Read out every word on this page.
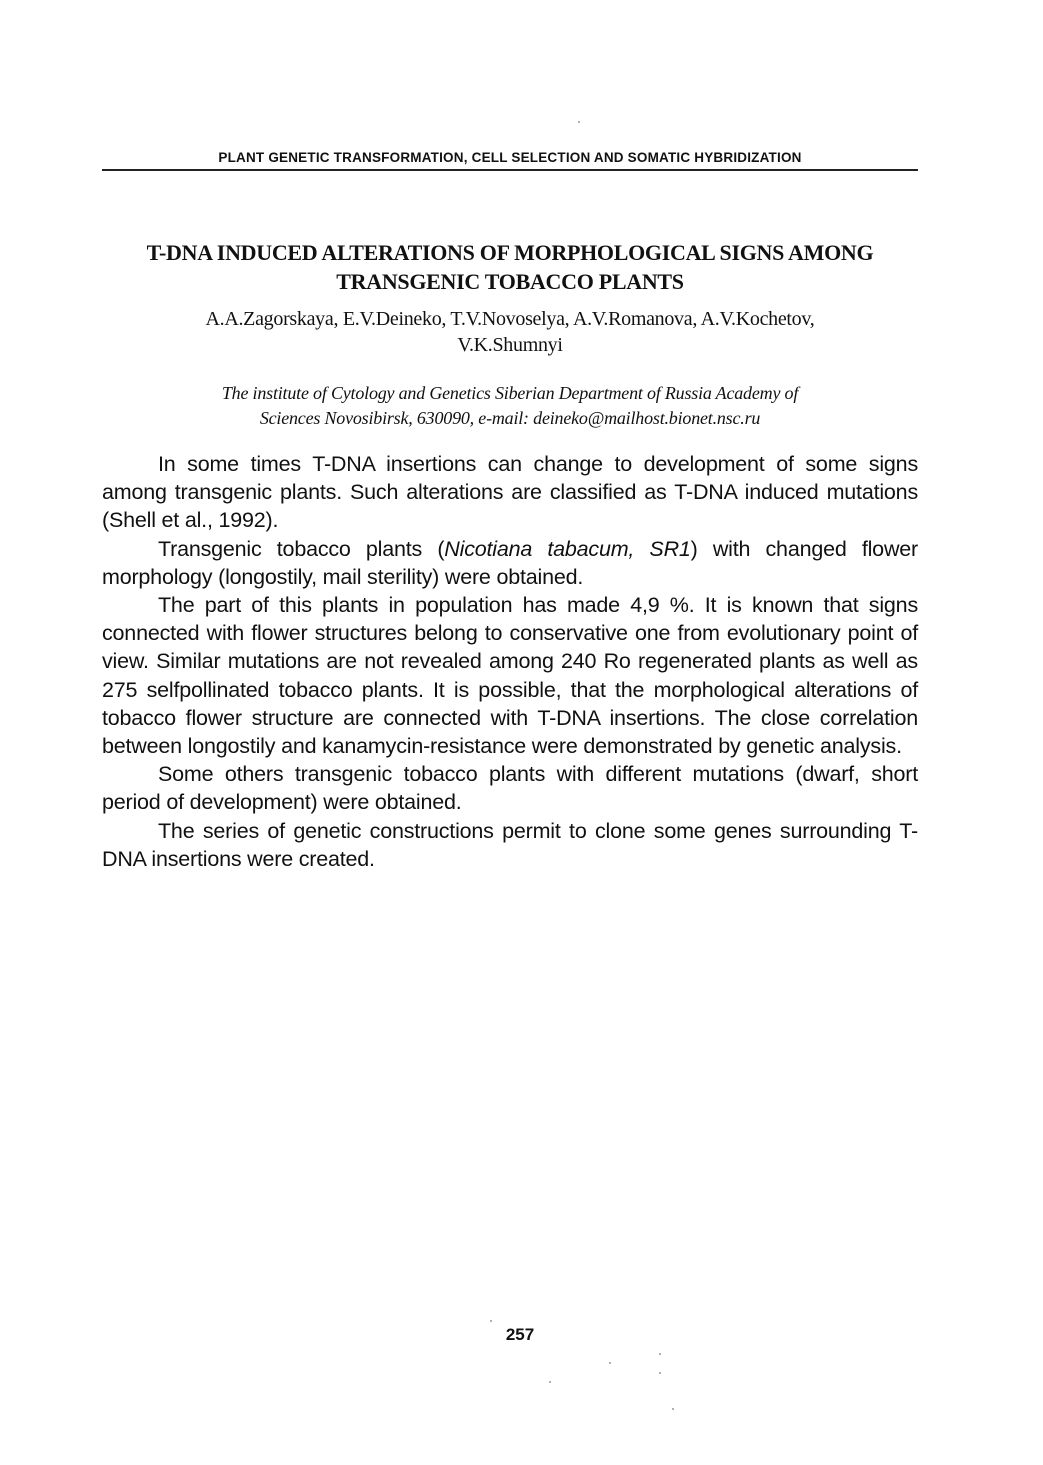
PLANT GENETIC TRANSFORMATION, CELL SELECTION AND SOMATIC HYBRIDIZATION
T-DNA INDUCED ALTERATIONS OF MORPHOLOGICAL SIGNS AMONG
TRANSGENIC TOBACCO PLANTS
A.A.Zagorskaya, E.V.Deineko, T.V.Novoselya, A.V.Romanova, A.V.Kochetov,
V.K.Shumnyi
The institute of Cytology and Genetics Siberian Department of Russia Academy of
Sciences Novosibirsk, 630090, e-mail: deineko@mailhost.bionet.nsc.ru

In some times T-DNA insertions can change to development of some signs among transgenic plants. Such alterations are classified as T-DNA induced mutations (Shell et al., 1992).

Transgenic tobacco plants (Nicotiana tabacum, SR1) with changed flower morphology (longostily, mail sterility) were obtained.

The part of this plants in population has made 4,9 %. It is known that signs connected with flower structures belong to conservative one from evolutionary point of view. Similar mutations are not revealed among 240 Ro regenerated plants as well as 275 selfpollinated tobacco plants. It is possible, that the morphological alterations of tobacco flower structure are connected with T-DNA insertions. The close correlation between longostily and kanamycin-resistance were demonstrated by genetic analysis.

Some others transgenic tobacco plants with different mutations (dwarf, short period of development) were obtained.

The series of genetic constructions permit to clone some genes surrounding T-DNA insertions were created.

257
